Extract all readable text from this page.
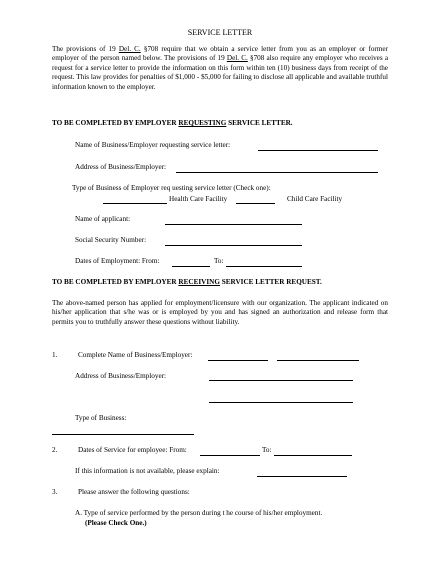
SERVICE LETTER
The provisions of 19 Del. C. §708 require that we obtain a service letter from you as an employer or former employer of the person named below. The provisions of 19 Del. C. §708 also require any employer who receives a request for a service letter to provide the information on this form within ten (10) business days from receipt of the request. This law provides for penalties of $1,000 - $5,000 for failing to disclose all applicable and available truthful information known to the employer.
TO BE COMPLETED BY EMPLOYER REQUESTING SERVICE LETTER.
Name of Business/Employer requesting service letter:
Address of Business/Employer:
Type of Business of Employer req uesting service letter (Check one):
Health Care Facility	Child Care Facility
Name of applicant:
Social Security Number:
Dates of Employment: From:	To:
TO BE COMPLETED BY EMPLOYER RECEIVING SERVICE LETTER REQUEST.
The above-named person has applied for employment/licensure with our organization. The applicant indicated on his/her application that s/he was or is employed by you and has signed an authorization and release form that permits you to truthfully answer these questions without liability.
1.	Complete Name of Business/Employer:
Address of Business/Employer:
Type of Business:
2.	Dates of Service for employee: From:	To:
If this information is not available, please explain:
3.	Please answer the following questions:
A. Type of service performed by the person during t he course of his/her employment.
(Please Check One.)
